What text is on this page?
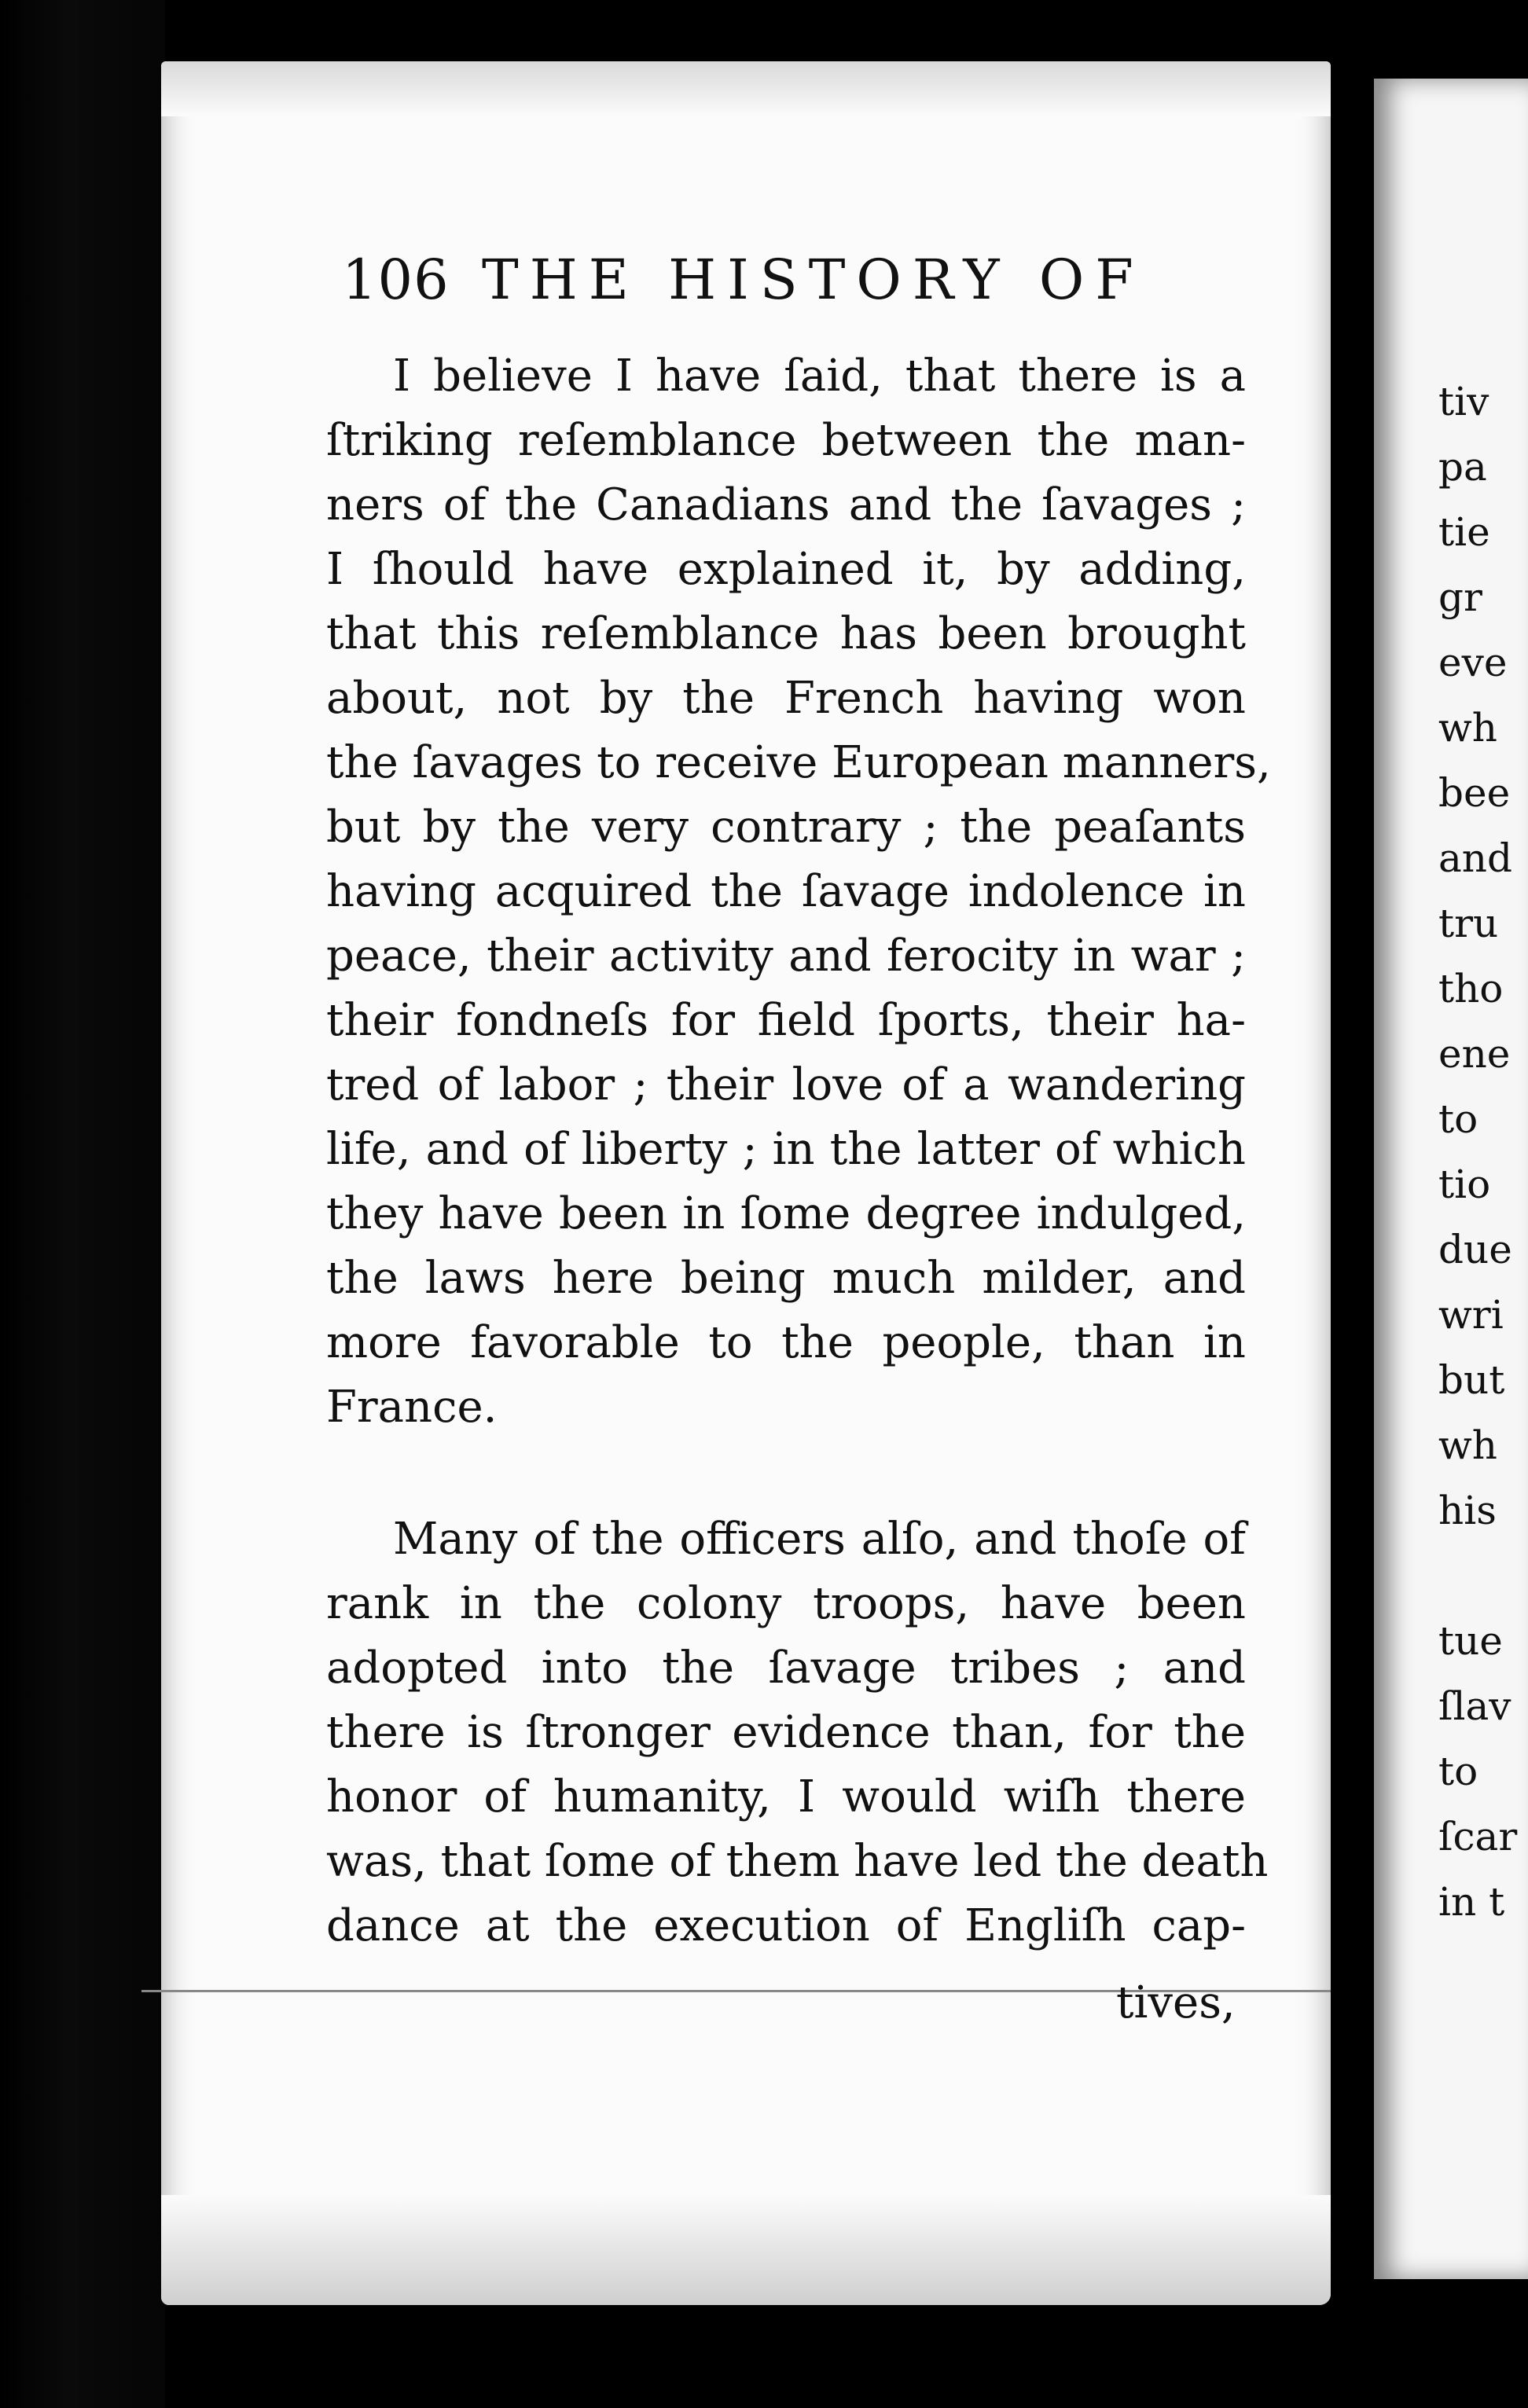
tiv
pa
tie
gr
eve
wh
bee
and
tru
tho
ene
to
tio
due
wri
but
wh
his

tue
ſlav
to
ſcar
in t
106 THE HISTORY OF
I believe I have ſaid, that there is a
ſtriking reſemblance between the man-
ners of the Canadians and the ſavages ;
I ſhould have explained it, by adding,
that this reſemblance has been brought
about, not by the French having won
the ſavages to receive European manners,
but by the very contrary ; the peaſants
having acquired the ſavage indolence in
peace, their activity and ferocity in war ;
their fondneſs for field ſports, their ha-
tred of labor ; their love of a wandering
life, and of liberty ; in the latter of which
they have been in ſome degree indulged,
the laws here being much milder, and
more favorable to the people, than in
France.
Many of the officers alſo, and thoſe of
rank in the colony troops, have been
adopted into the ſavage tribes ; and
there is ſtronger evidence than, for the
honor of humanity, I would wiſh there
was, that ſome of them have led the death
dance at the execution of Engliſh cap-
tives,
